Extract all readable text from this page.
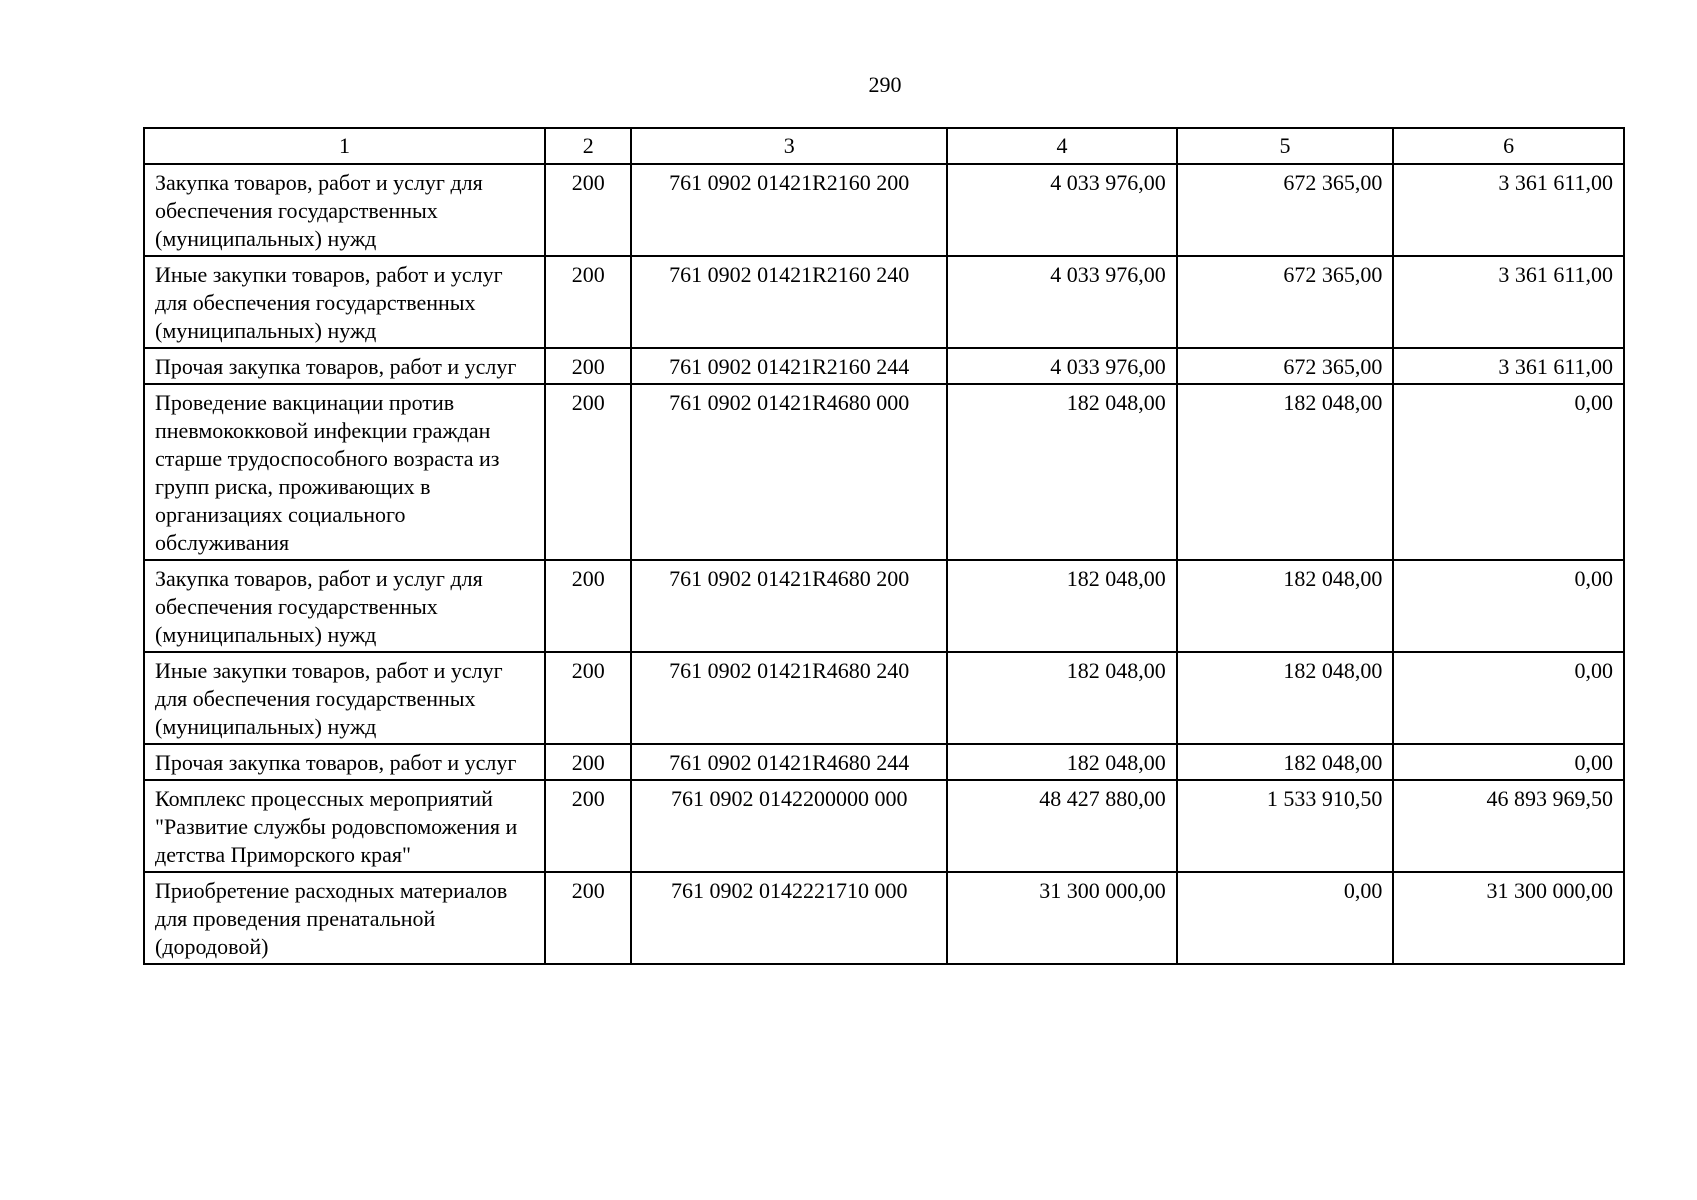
290
1	2	3	4	5	6
Закупка товаров, работ и услуг для обеспечения государственных (муниципальных) нужд	200	761 0902 01421R2160 200	4 033 976,00	672 365,00	3 361 611,00
Иные закупки товаров, работ и услуг для обеспечения государственных (муниципальных) нужд	200	761 0902 01421R2160 240	4 033 976,00	672 365,00	3 361 611,00
Прочая закупка товаров, работ и услуг	200	761 0902 01421R2160 244	4 033 976,00	672 365,00	3 361 611,00
Проведение вакцинации против пневмококковой инфекции граждан старше трудоспособного возраста из групп риска, проживающих в организациях социального обслуживания	200	761 0902 01421R4680 000	182 048,00	182 048,00	0,00
Закупка товаров, работ и услуг для обеспечения государственных (муниципальных) нужд	200	761 0902 01421R4680 200	182 048,00	182 048,00	0,00
Иные закупки товаров, работ и услуг для обеспечения государственных (муниципальных) нужд	200	761 0902 01421R4680 240	182 048,00	182 048,00	0,00
Прочая закупка товаров, работ и услуг	200	761 0902 01421R4680 244	182 048,00	182 048,00	0,00
Комплекс процессных мероприятий "Развитие службы родовспоможения и детства Приморского края"	200	761 0902 0142200000 000	48 427 880,00	1 533 910,50	46 893 969,50
Приобретение расходных материалов для проведения пренатальной (дородовой)	200	761 0902 0142221710 000	31 300 000,00	0,00	31 300 000,00
